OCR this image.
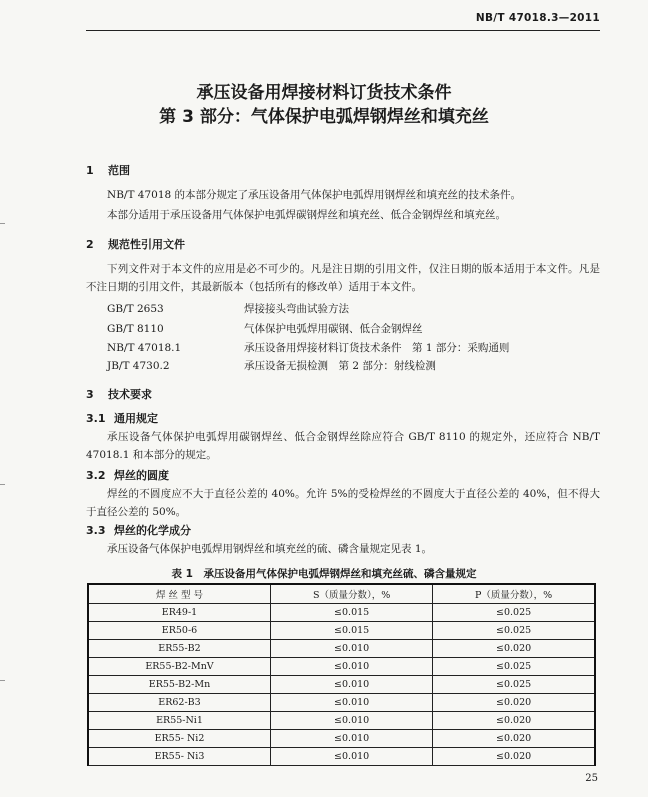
NB/T 47018.3—2011
承压设备用焊接材料订货技术条件
第 3 部分：气体保护电弧焊钢焊丝和填充丝
1 范围
NB/T 47018 的本部分规定了承压设备用气体保护电弧焊用钢焊丝和填充丝的技术条件。
本部分适用于承压设备用气体保护电弧焊碳钢焊丝和填充丝、低合金钢焊丝和填充丝。
2 规范性引用文件
下列文件对于本文件的应用是必不可少的。凡是注日期的引用文件，仅注日期的版本适用于本文件。凡是不注日期的引用文件，其最新版本（包括所有的修改单）适用于本文件。
GB/T 2653	焊接接头弯曲试验方法
GB/T 8110	气体保护电弧焊用碳钢、低合金钢焊丝
NB/T 47018.1	承压设备用焊接材料订货技术条件　第 1 部分：采购通则
JB/T 4730.2	承压设备无损检测　第 2 部分：射线检测
3 技术要求
3.1 通用规定
承压设备气体保护电弧焊用碳钢焊丝、低合金钢焊丝除应符合 GB/T 8110 的规定外，还应符合 NB/T 47018.1 和本部分的规定。
3.2 焊丝的圆度
焊丝的不圆度应不大于直径公差的 40%。允许 5%的受检焊丝的不圆度大于直径公差的 40%，但不得大于直径公差的 50%。
3.3 焊丝的化学成分
承压设备气体保护电弧焊用钢焊丝和填充丝的硫、磷含量规定见表 1。
表 1　承压设备用气体保护电弧焊钢焊丝和填充丝硫、磷含量规定
焊 丝 型 号	S（质量分数），%	P（质量分数），%
ER49-1	≤0.015	≤0.025
ER50-6	≤0.015	≤0.025
ER55-B2	≤0.010	≤0.020
ER55-B2-MnV	≤0.010	≤0.025
ER55-B2-Mn	≤0.010	≤0.025
ER62-B3	≤0.010	≤0.020
ER55-Ni1	≤0.010	≤0.020
ER55- Ni2	≤0.010	≤0.020
ER55- Ni3	≤0.010	≤0.020
25
